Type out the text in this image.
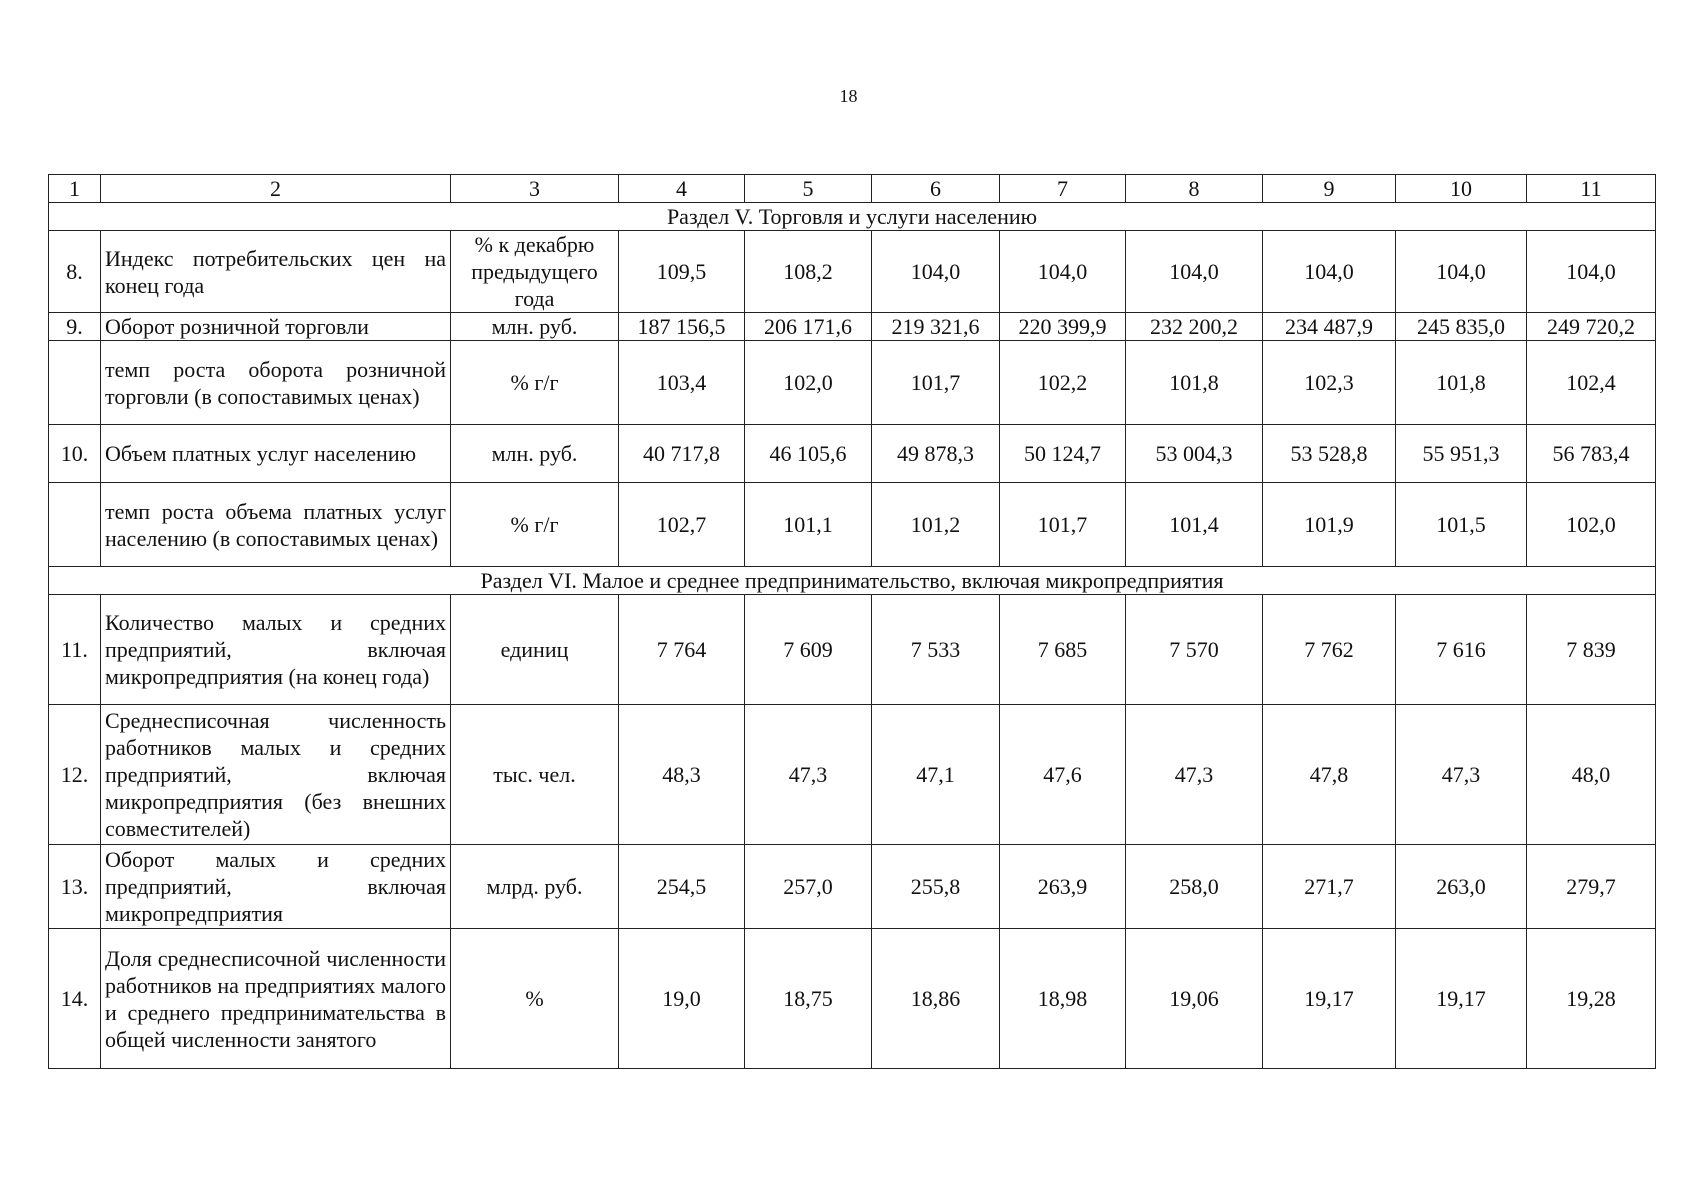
18
1	2	3	4	5	6	7	8	9	10	11
Раздел V. Торговля и услуги населению										
8.	Индекс потребительских цен на конец года	% к декабрю предыдущего года	109,5	108,2	104,0	104,0	104,0	104,0	104,0	104,0
9.	Оборот розничной торговли	млн. руб.	187 156,5	206 171,6	219 321,6	220 399,9	232 200,2	234 487,9	245 835,0	249 720,2
	темп роста оборота розничной торговли (в сопоставимых ценах)	% г/г	103,4	102,0	101,7	102,2	101,8	102,3	101,8	102,4
10.	Объем платных услуг населению	млн. руб.	40 717,8	46 105,6	49 878,3	50 124,7	53 004,3	53 528,8	55 951,3	56 783,4
	темп роста объема платных услуг населению (в сопоставимых ценах)	% г/г	102,7	101,1	101,2	101,7	101,4	101,9	101,5	102,0
Раздел VI. Малое и среднее предпринимательство, включая микропредприятия										
11.	Количество малых и средних предприятий, включая микропредприятия (на конец года)	единиц	7 764	7 609	7 533	7 685	7 570	7 762	7 616	7 839
12.	Среднесписочная численность работников малых и средних предприятий, включая микропредприятия (без внешних совместителей)	тыс. чел.	48,3	47,3	47,1	47,6	47,3	47,8	47,3	48,0
13.	Оборот малых и средних предприятий, включая микропредприятия	млрд. руб.	254,5	257,0	255,8	263,9	258,0	271,7	263,0	279,7
14.	Доля среднесписочной численности работников на предприятиях малого и среднего предпринимательства в общей численности занятого	%	19,0	18,75	18,86	18,98	19,06	19,17	19,17	19,28
